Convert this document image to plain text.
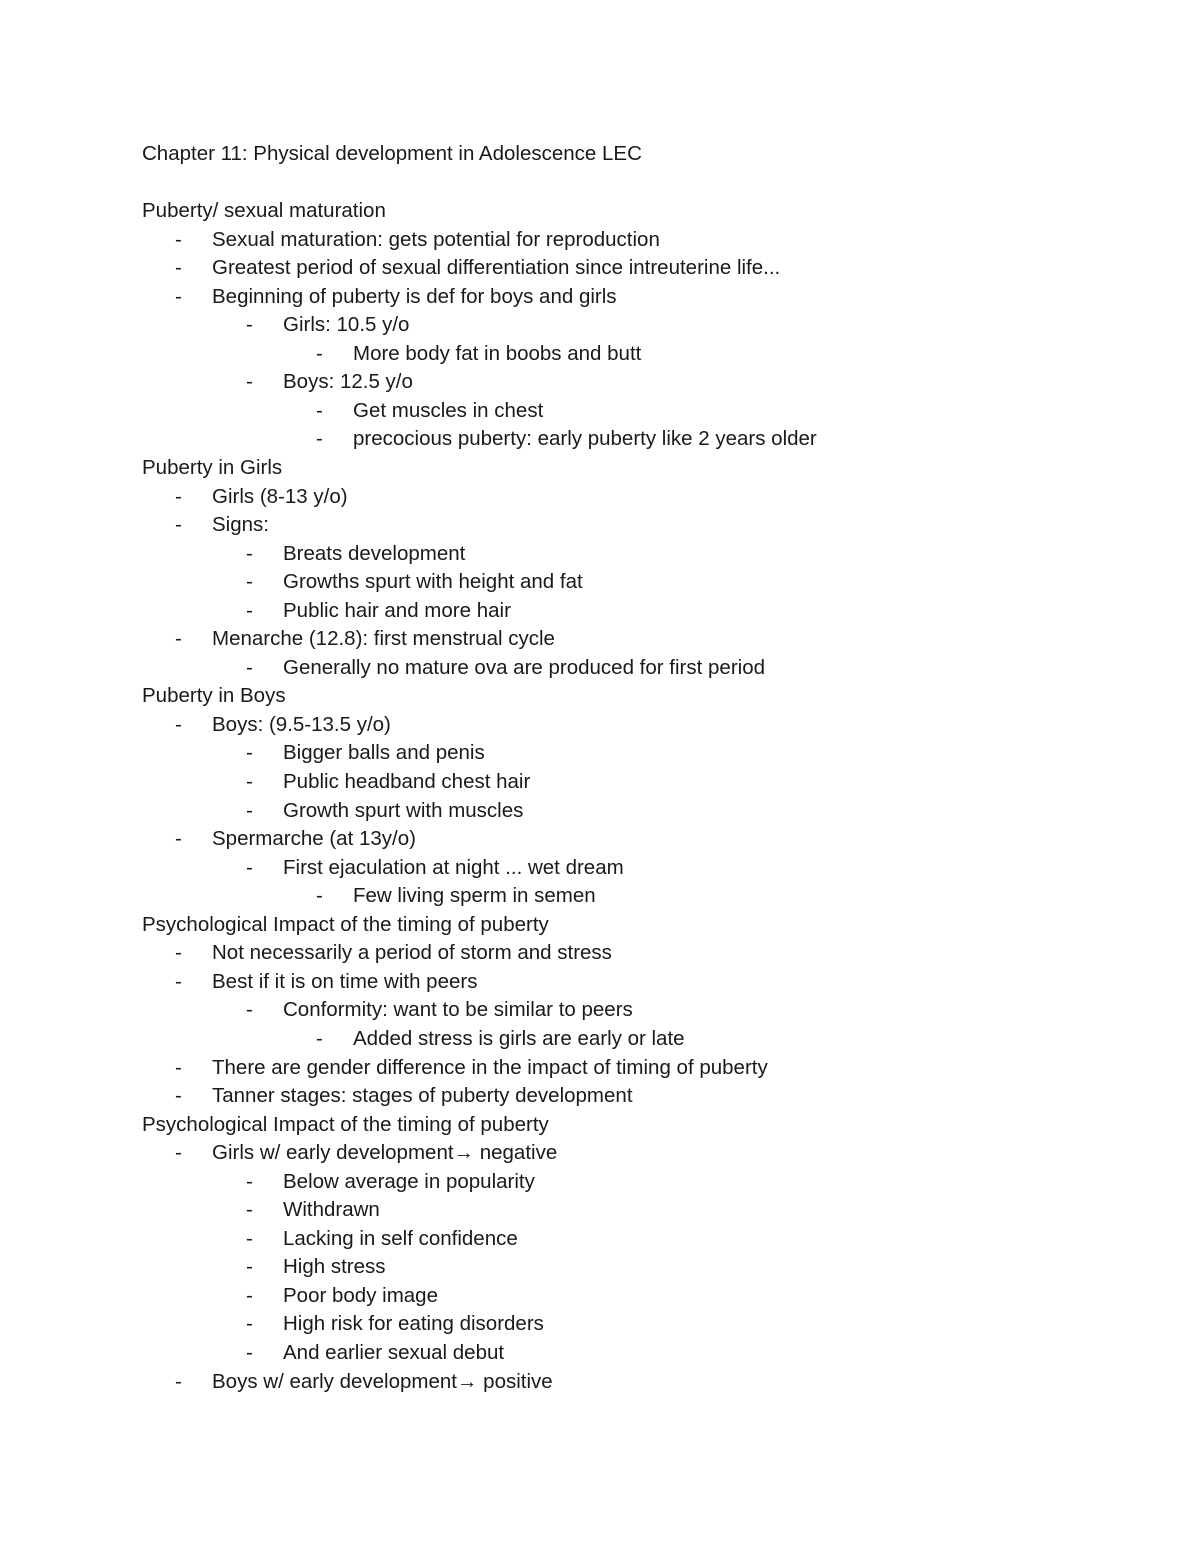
Chapter 11: Physical development in Adolescence LEC
Puberty/ sexual maturation
- Sexual maturation: gets potential for reproduction
- Greatest period of sexual differentiation since intreuterine life...
- Beginning of puberty is def for boys and girls
- Girls: 10.5 y/o
- More body fat in boobs and butt
- Boys: 12.5 y/o
- Get muscles in chest
- precocious puberty: early puberty like 2 years older
Puberty in Girls
- Girls (8-13 y/o)
- Signs:
- Breats development
- Growths spurt with height and fat
- Public hair and more hair
- Menarche (12.8): first menstrual cycle
- Generally no mature ova are produced for first period
Puberty in Boys
- Boys: (9.5-13.5 y/o)
- Bigger balls and penis
- Public headband chest hair
- Growth spurt with muscles
- Spermarche (at 13y/o)
- First ejaculation at night ... wet dream
- Few living sperm in semen
Psychological Impact of the timing of puberty
- Not necessarily a period of storm and stress
- Best if it is on time with peers
- Conformity: want to be similar to peers
- Added stress is girls are early or late
- There are gender difference in the impact of timing of puberty
- Tanner stages: stages of puberty development
Psychological Impact of the timing of puberty
- Girls w/ early development→ negative
- Below average in popularity
- Withdrawn
- Lacking in self confidence
- High stress
- Poor body image
- High risk for eating disorders
- And earlier sexual debut
- Boys w/ early development→ positive
